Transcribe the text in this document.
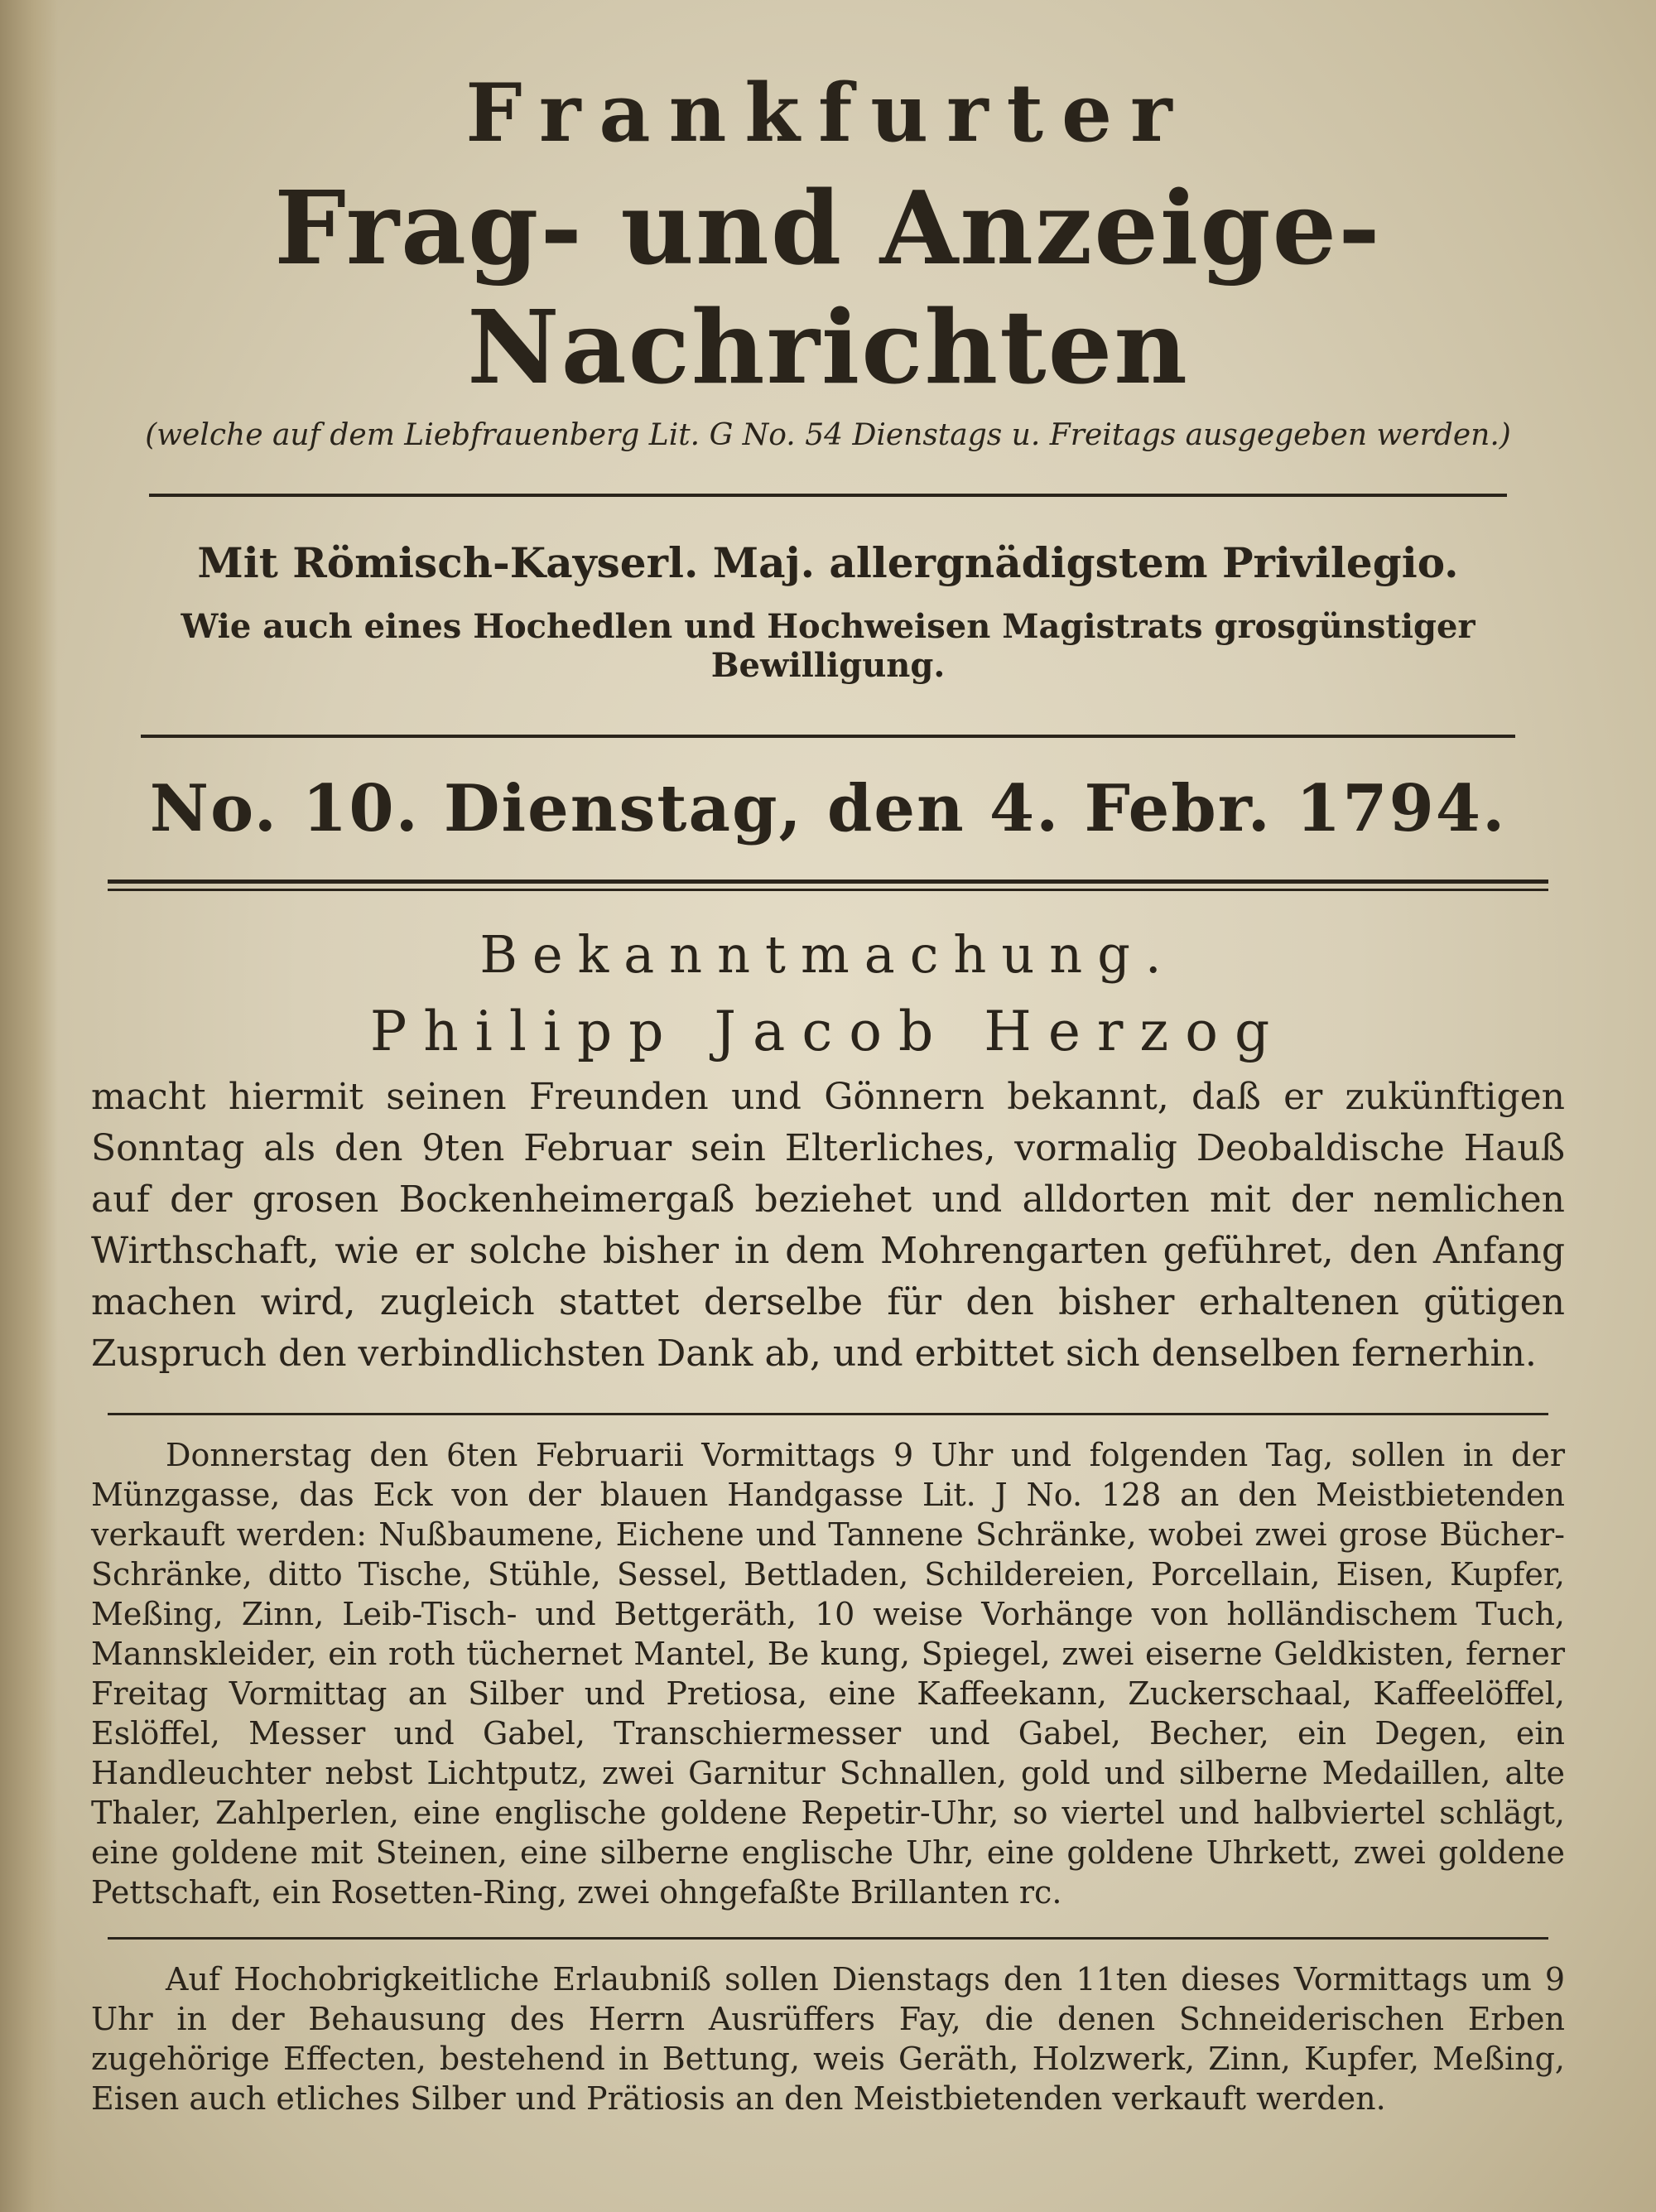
Frankfurter
Frag- und Anzeige-Nachrichten
(welche auf dem Liebfrauenberg Lit. G No. 54 Dienstags u. Freitags ausgegeben werden.)
Mit Römisch-Kayserl. Maj. allergnädigstem Privilegio.
Wie auch eines Hochedlen und Hochweisen Magistrats grosgünstiger Bewilligung.
No. 10. Dienstag, den 4. Febr. 1794.
Bekanntmachung.
Philipp Jacob Herzog

macht hiermit seinen Freunden und Gönnern bekannt, daß er zukünftigen Sonntag als den 9ten Februar sein Elterliches, vormalig Deobaldische Hauß auf der grosen Bockenheimergaß beziehet und alldorten mit der nemlichen Wirthschaft, wie er solche bisher in dem Mohrengarten geführet, den Anfang machen wird, zugleich stattet derselbe für den bisher erhaltenen gütigen Zuspruch den verbindlichsten Dank ab, und erbittet sich denselben fernerhin.

Donnerstag den 6ten Februarii Vormittags 9 Uhr und folgenden Tag, sollen in der Münzgasse, das Eck von der blauen Handgasse Lit. J No. 128 an den Meistbietenden verkauft werden: Nußbaumene, Eichene und Tannene Schränke, wobei zwei grose Bücher-Schränke, ditto Tische, Stühle, Sessel, Bettladen, Schildereien, Porcellain, Eisen, Kupfer, Meßing, Zinn, Leib-Tisch- und Bettgeräth, 10 weise Vorhänge von holländischem Tuch, Mannskleider, ein roth tüchernet Mantel, Be kung, Spiegel, zwei eiserne Geldkisten, ferner Freitag Vormittag an Silber und Pretiosa, eine Kaffeekann, Zuckerschaal, Kaffeelöffel, Eslöffel, Messer und Gabel, Transchiermesser und Gabel, Becher, ein Degen, ein Handleuchter nebst Lichtputz, zwei Garnitur Schnallen, gold und silberne Medaillen, alte Thaler, Zahlperlen, eine englische goldene Repetir-Uhr, so viertel und halbviertel schlägt, eine goldene mit Steinen, eine silberne englische Uhr, eine goldene Uhrkett, zwei goldene Pettschaft, ein Rosetten-Ring, zwei ohngefaßte Brillanten rc.

Auf Hochobrigkeitliche Erlaubniß sollen Dienstags den 11ten dieses Vormittags um 9 Uhr in der Behausung des Herrn Ausrüffers Fay, die denen Schneiderischen Erben zugehörige Effecten, bestehend in Bettung, weis Geräth, Holzwerk, Zinn, Kupfer, Meßing, Eisen auch etliches Silber und Prätiosis an den Meistbietenden verkauft werden.
